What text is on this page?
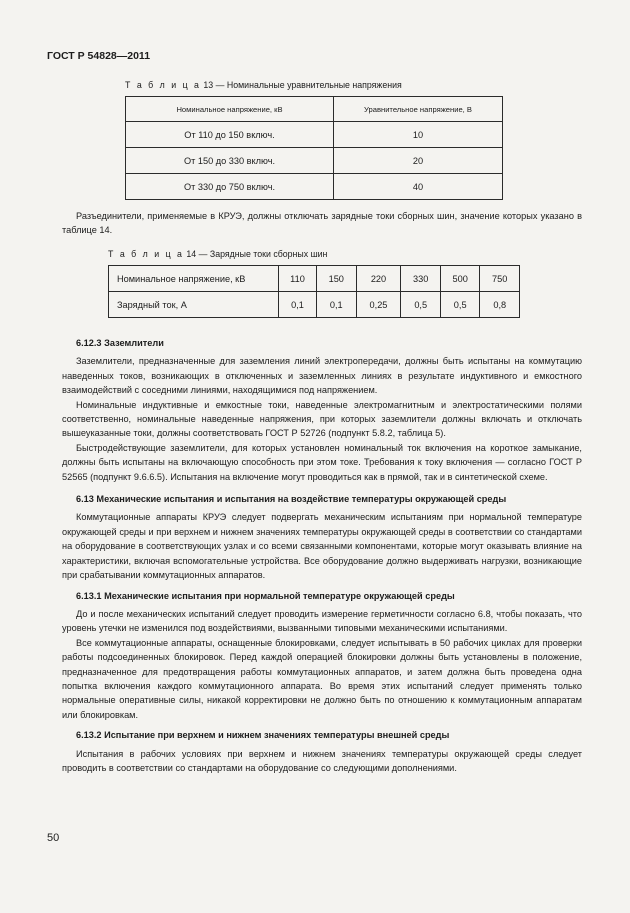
ГОСТ Р 54828—2011
Т а б л и ц а 13 — Номинальные уравнительные напряжения
Номинальное напряжение, кВ	Уравнительное напряжение, В
От 110 до 150 включ.	10
От 150 до 330 включ.	20
От 330 до 750 включ.	40

Разъединители, применяемые в КРУЭ, должны отключать зарядные токи сборных шин, значение которых указано в таблице 14.

Т а б л и ц а 14 — Зарядные токи сборных шин
Номинальное напряжение, кВ	110	150	220	330	500	750
Зарядный ток, А	0,1	0,1	0,25	0,5	0,5	0,8

6.12.3 Заземлители

Заземлители, предназначенные для заземления линий электропередачи, должны быть испытаны на коммутацию наведенных токов, возникающих в отключенных и заземленных линиях в результате индуктивного и емкостного взаимодействий с соседними линиями, находящимися под напряжением.

Номинальные индуктивные и емкостные токи, наведенные электромагнитным и электростатическими полями соответственно, номинальные наведенные напряжения, при которых заземлители должны включать и отключать вышеуказанные токи, должны соответствовать ГОСТ Р 52726 (подпункт 5.8.2, таблица 5).

Быстродействующие заземлители, для которых установлен номинальный ток включения на короткое замыкание, должны быть испытаны на включающую способность при этом токе. Требования к току включения — согласно ГОСТ Р 52565 (подпункт 9.6.6.5). Испытания на включение могут проводиться как в прямой, так и в синтетической схеме.

6.13 Механические испытания и испытания на воздействие температуры окружающей среды

Коммутационные аппараты КРУЭ следует подвергать механическим испытаниям при нормальной температуре окружающей среды и при верхнем и нижнем значениях температуры окружающей среды в соответствии со стандартами на оборудование в соответствующих узлах и со всеми связанными компонентами, которые могут оказывать влияние на характеристики, включая вспомогательные устройства. Все оборудование должно выдерживать нагрузки, возникающие при срабатывании коммутационных аппаратов.

6.13.1 Механические испытания при нормальной температуре окружающей среды

До и после механических испытаний следует проводить измерение герметичности согласно 6.8, чтобы показать, что уровень утечки не изменился под воздействиями, вызванными типовыми механическими испытаниями.

Все коммутационные аппараты, оснащенные блокировками, следует испытывать в 50 рабочих циклах для проверки работы подсоединенных блокировок. Перед каждой операцией блокировки должны быть установлены в положение, предназначенное для предотвращения работы коммутационных аппаратов, и затем должна быть проведена одна попытка включения каждого коммутационного аппарата. Во время этих испытаний следует применять только нормальные оперативные силы, никакой корректировки не должно быть по отношению к коммутационным аппаратам или блокировкам.

6.13.2 Испытание при верхнем и нижнем значениях температуры внешней среды

Испытания в рабочих условиях при верхнем и нижнем значениях температуры окружающей среды следует проводить в соответствии со стандартами на оборудование со следующими дополнениями.

50
